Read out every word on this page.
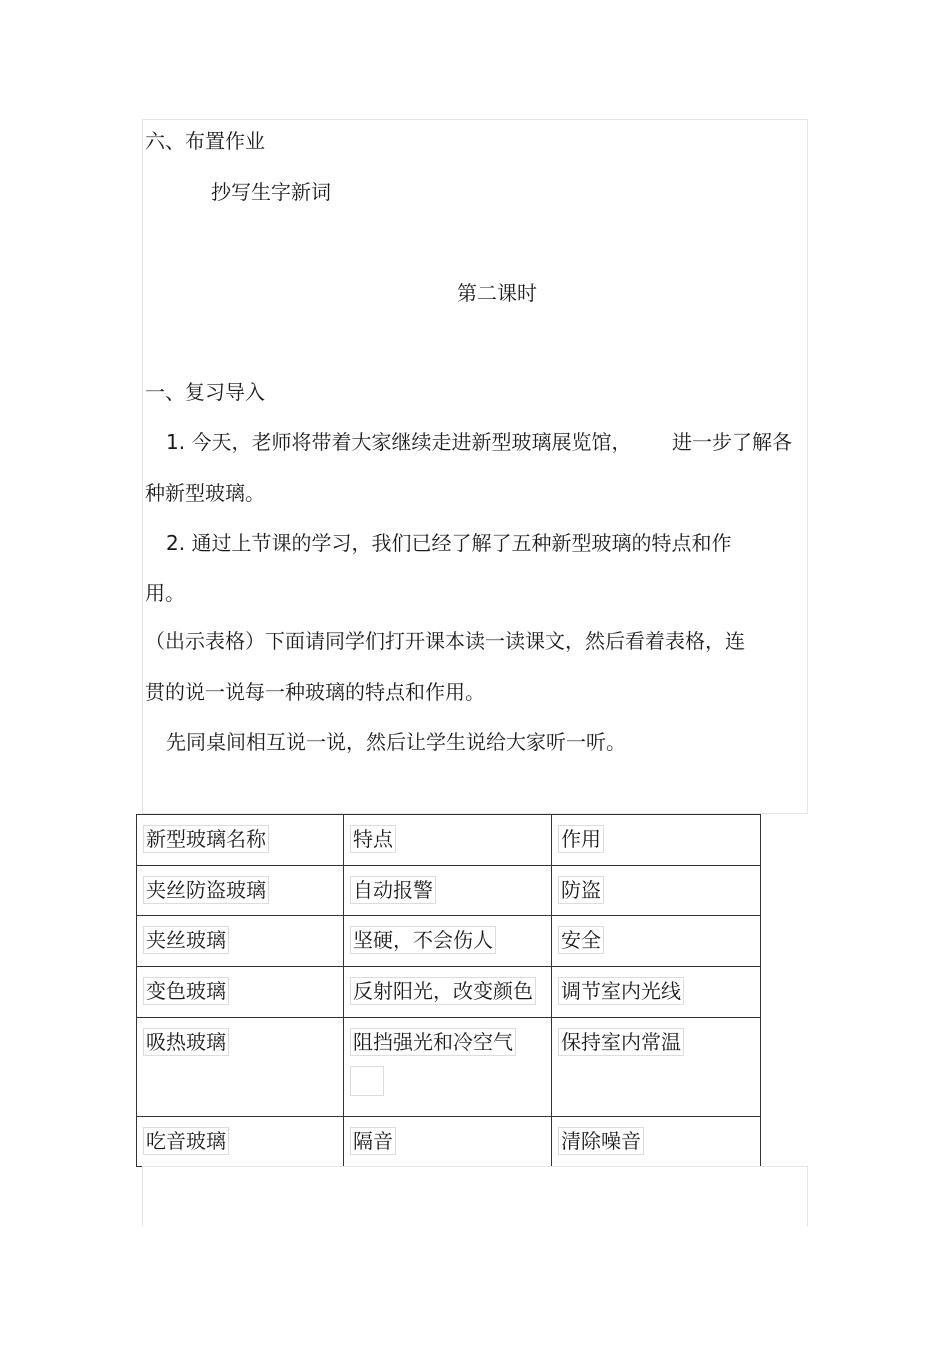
六、布置作业
抄写生字新词
第二课时
一、复习导入
1. 今天，老师将带着大家继续走进新型玻璃展览馆， 进一步了解各
种新型玻璃。
2. 通过上节课的学习，我们已经了解了五种新型玻璃的特点和作
用。
（出示表格）下面请同学们打开课本读一读课文，然后看着表格，连
贯的说一说每一种玻璃的特点和作用。
先同桌间相互说一说，然后让学生说给大家听一听。
新型玻璃名称	特点	作用
夹丝防盗玻璃	自动报警	防盗
夹丝玻璃	坚硬，不会伤人	安全
变色玻璃	反射阳光，改变颜色	调节室内光线
吸热玻璃	阻挡强光和冷空气	保持室内常温
吃音玻璃	隔音	清除噪音
